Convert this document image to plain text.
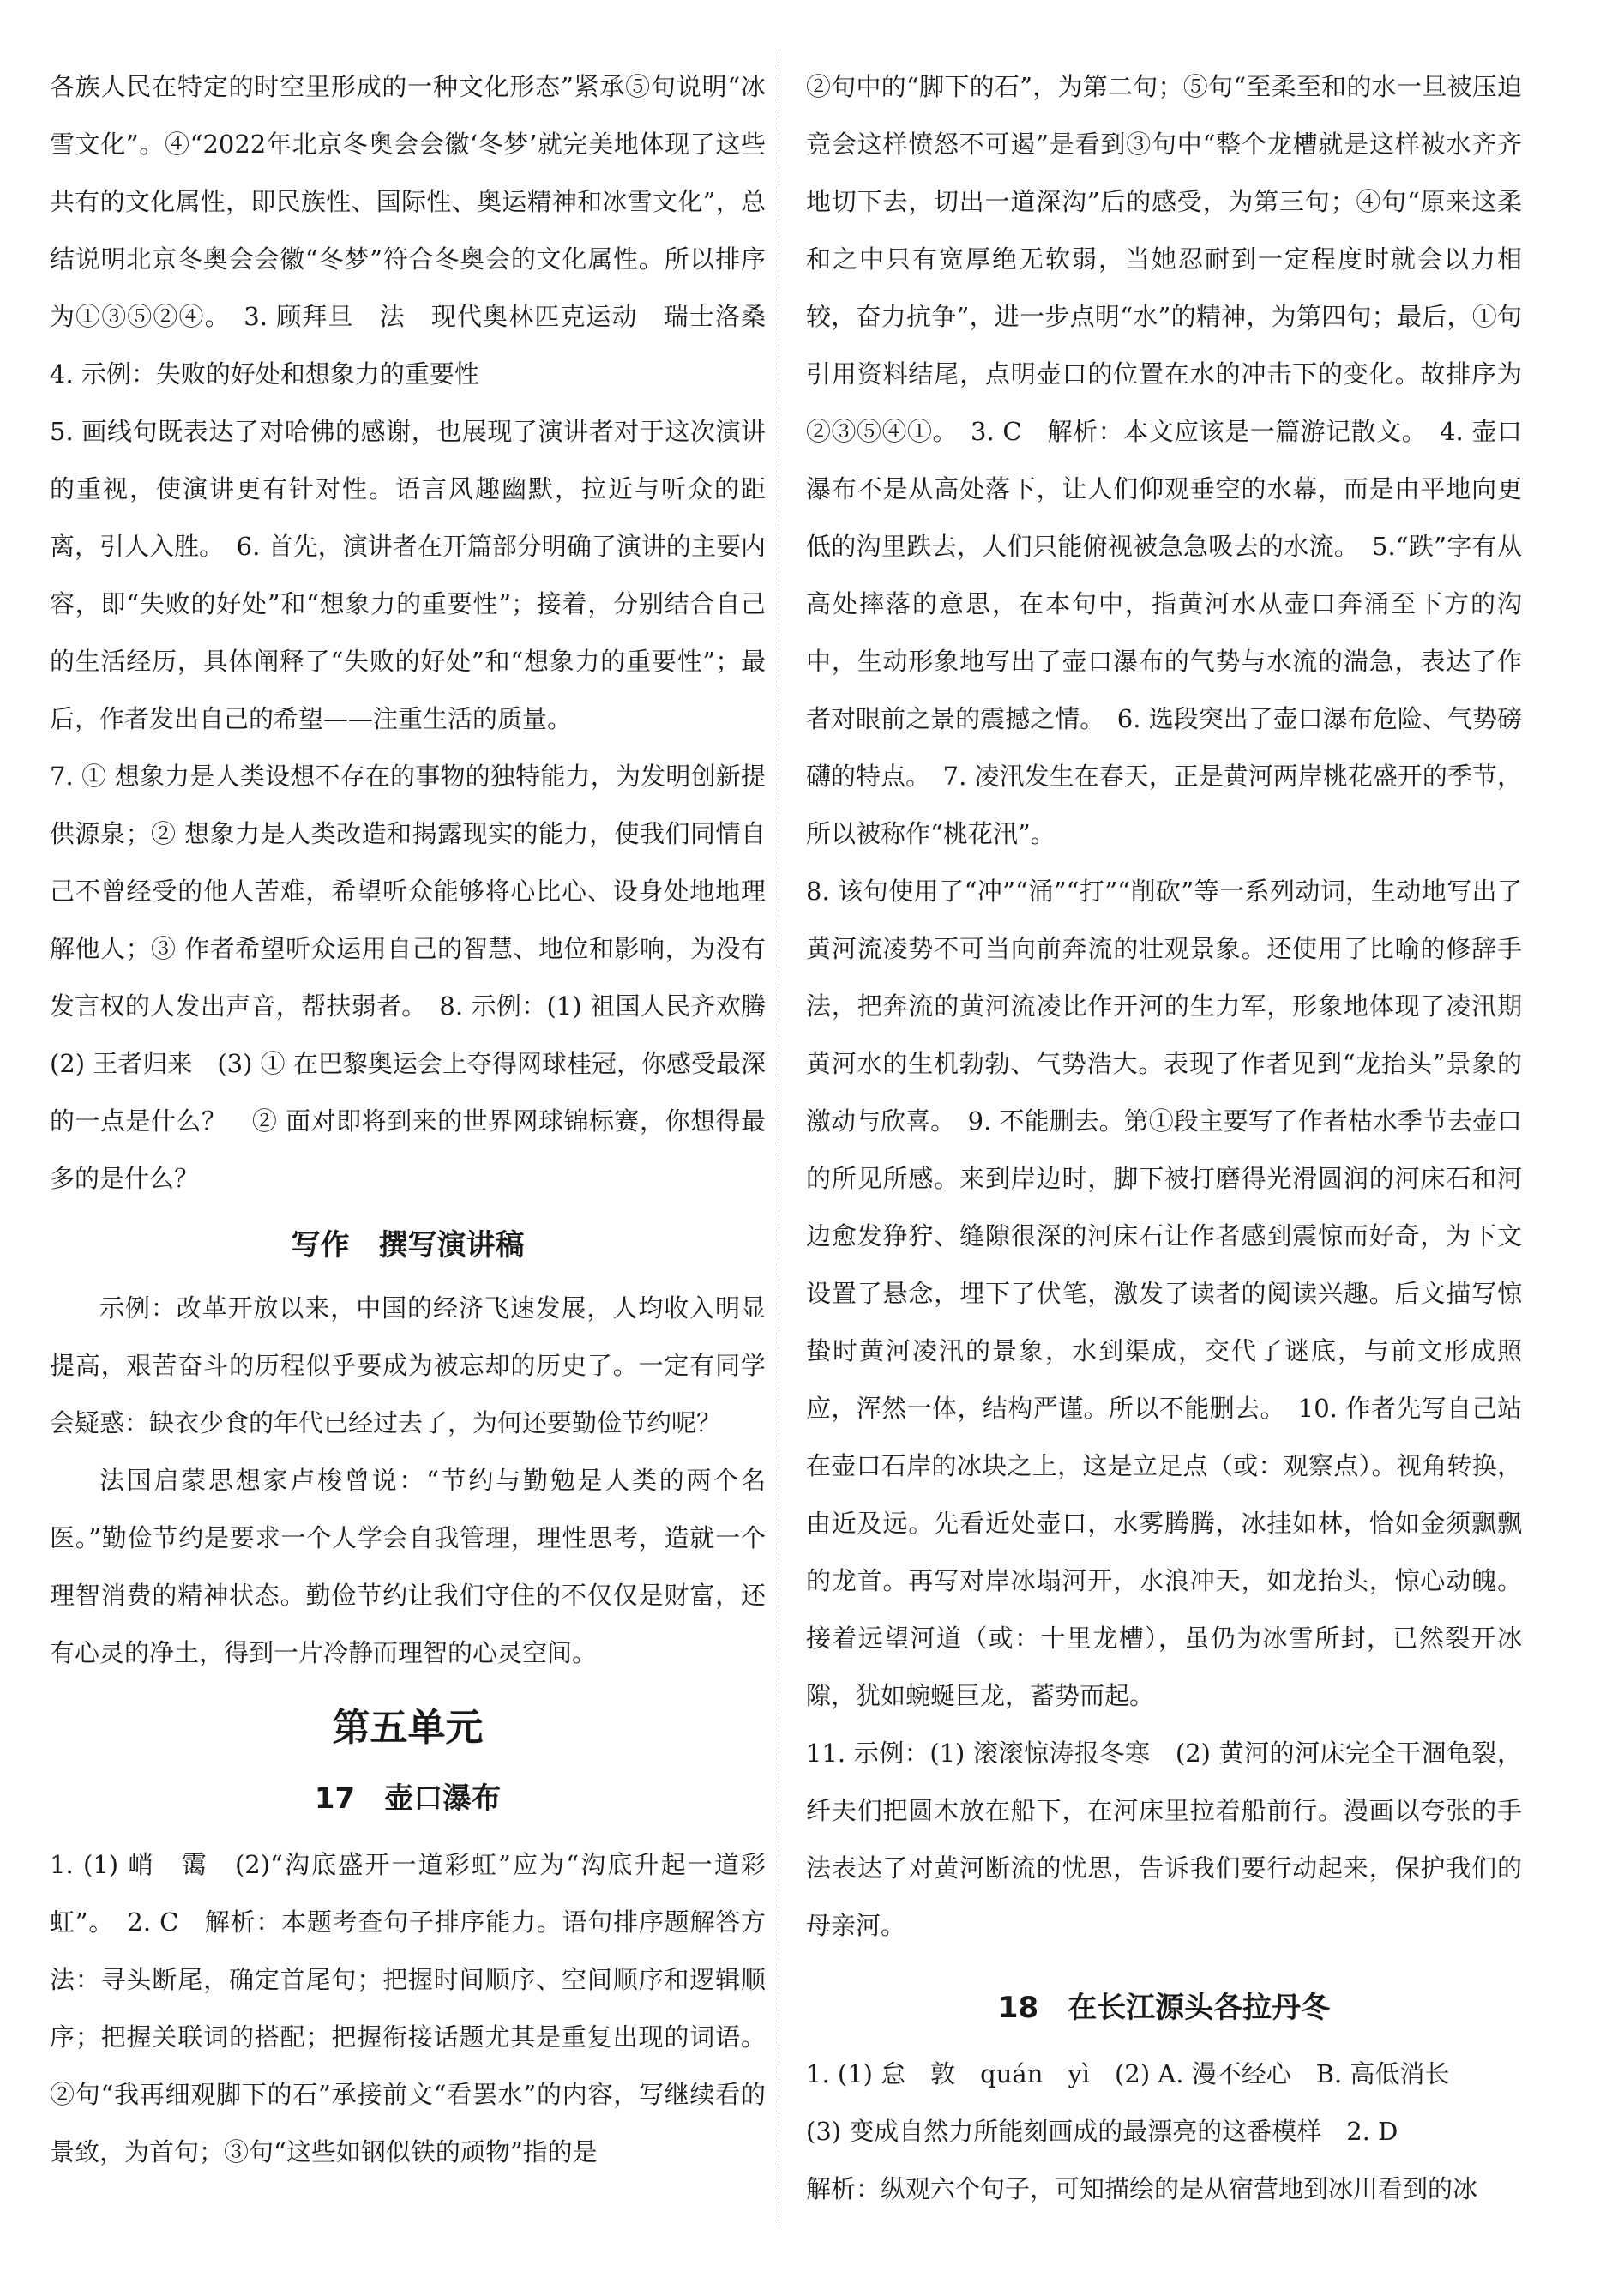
各族人民在特定的时空里形成的一种文化形态”紧承⑤句说明“冰雪文化”。④“2022年北京冬奥会会徽‘冬梦’就完美地体现了这些共有的文化属性，即民族性、国际性、奥运精神和冰雪文化”，总结说明北京冬奥会会徽“冬梦”符合冬奥会的文化属性。所以排序为①③⑤②④。　3. 顾拜旦　法　现代奥林匹克运动　瑞士洛桑　4. 示例：失败的好处和想象力的重要性

5. 画线句既表达了对哈佛的感谢，也展现了演讲者对于这次演讲的重视，使演讲更有针对性。语言风趣幽默，拉近与听众的距离，引人入胜。　6. 首先，演讲者在开篇部分明确了演讲的主要内容，即“失败的好处”和“想象力的重要性”；接着，分别结合自己的生活经历，具体阐释了“失败的好处”和“想象力的重要性”；最后，作者发出自己的希望——注重生活的质量。

7. ① 想象力是人类设想不存在的事物的独特能力，为发明创新提供源泉；② 想象力是人类改造和揭露现实的能力，使我们同情自己不曾经受的他人苦难，希望听众能够将心比心、设身处地地理解他人；③ 作者希望听众运用自己的智慧、地位和影响，为没有发言权的人发出声音，帮扶弱者。　8. 示例：(1) 祖国人民齐欢腾　(2) 王者归来　(3) ① 在巴黎奥运会上夺得网球桂冠，你感受最深的一点是什么？　② 面对即将到来的世界网球锦标赛，你想得最多的是什么？

写作　撰写演讲稿

示例：改革开放以来，中国的经济飞速发展，人均收入明显提高，艰苦奋斗的历程似乎要成为被忘却的历史了。一定有同学会疑惑：缺衣少食的年代已经过去了，为何还要勤俭节约呢？

法国启蒙思想家卢梭曾说：“节约与勤勉是人类的两个名医。”勤俭节约是要求一个人学会自我管理，理性思考，造就一个理智消费的精神状态。勤俭节约让我们守住的不仅仅是财富，还有心灵的净土，得到一片冷静而理智的心灵空间。

第五单元
17　壶口瀑布

1. (1) 峭　霭　(2)“沟底盛开一道彩虹”应为“沟底升起一道彩虹”。　2. C　解析：本题考查句子排序能力。语句排序题解答方法：寻头断尾，确定首尾句；把握时间顺序、空间顺序和逻辑顺序；把握关联词的搭配；把握衔接话题尤其是重复出现的词语。②句“我再细观脚下的石”承接前文“看罢水”的内容，写继续看的景致，为首句；③句“这些如钢似铁的顽物”指的是

②句中的“脚下的石”，为第二句；⑤句“至柔至和的水一旦被压迫竟会这样愤怒不可遏”是看到③句中“整个龙槽就是这样被水齐齐地切下去，切出一道深沟”后的感受，为第三句；④句“原来这柔和之中只有宽厚绝无软弱，当她忍耐到一定程度时就会以力相较，奋力抗争”，进一步点明“水”的精神，为第四句；最后，①句引用资料结尾，点明壶口的位置在水的冲击下的变化。故排序为②③⑤④①。　3. C　解析：本文应该是一篇游记散文。　4. 壶口瀑布不是从高处落下，让人们仰观垂空的水幕，而是由平地向更低的沟里跌去，人们只能俯视被急急吸去的水流。　5.“跌”字有从高处摔落的意思，在本句中，指黄河水从壶口奔涌至下方的沟中，生动形象地写出了壶口瀑布的气势与水流的湍急，表达了作者对眼前之景的震撼之情。　6. 选段突出了壶口瀑布危险、气势磅礴的特点。　7. 凌汛发生在春天，正是黄河两岸桃花盛开的季节，所以被称作“桃花汛”。

8. 该句使用了“冲”“涌”“打”“削砍”等一系列动词，生动地写出了黄河流凌势不可当向前奔流的壮观景象。还使用了比喻的修辞手法，把奔流的黄河流凌比作开河的生力军，形象地体现了凌汛期黄河水的生机勃勃、气势浩大。表现了作者见到“龙抬头”景象的激动与欣喜。　9. 不能删去。第①段主要写了作者枯水季节去壶口的所见所感。来到岸边时，脚下被打磨得光滑圆润的河床石和河边愈发狰狞、缝隙很深的河床石让作者感到震惊而好奇，为下文设置了悬念，埋下了伏笔，激发了读者的阅读兴趣。后文描写惊蛰时黄河凌汛的景象，水到渠成，交代了谜底，与前文形成照应，浑然一体，结构严谨。所以不能删去。　10. 作者先写自己站在壶口石岸的冰块之上，这是立足点（或：观察点）。视角转换，由近及远。先看近处壶口，水雾腾腾，冰挂如林，恰如金须飘飘的龙首。再写对岸冰塌河开，水浪冲天，如龙抬头，惊心动魄。接着远望河道（或：十里龙槽），虽仍为冰雪所封，已然裂开冰隙，犹如蜿蜒巨龙，蓄势而起。

11. 示例：(1) 滚滚惊涛报冬寒　(2) 黄河的河床完全干涸龟裂，纤夫们把圆木放在船下，在河床里拉着船前行。漫画以夸张的手法表达了对黄河断流的忧思，告诉我们要行动起来，保护我们的母亲河。

18　在长江源头各拉丹冬

1. (1) 怠　敦　quán　yì　(2) A. 漫不经心　B. 高低消长

(3) 变成自然力所能刻画成的最漂亮的这番模样　2. D

解析：纵观六个句子，可知描绘的是从宿营地到冰川看到的冰
